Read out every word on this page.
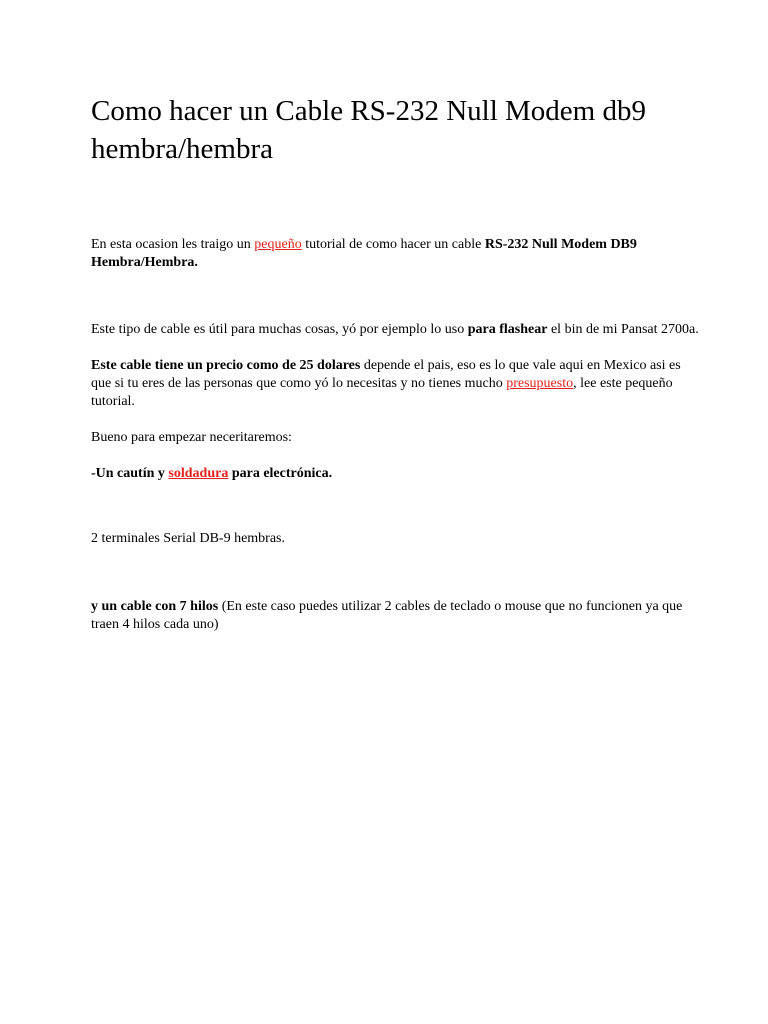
Como hacer un Cable RS-232 Null Modem db9 hembra/hembra

En esta ocasion les traigo un pequeño tutorial de como hacer un cable RS-232 Null Modem DB9 Hembra/Hembra.

Este tipo de cable es útil para muchas cosas, yó por ejemplo lo uso para flashear el bin de mi Pansat 2700a.

Este cable tiene un precio como de 25 dolares depende el pais, eso es lo que vale aqui en Mexico asi es que si tu eres de las personas que como yó lo necesitas y no tienes mucho presupuesto, lee este pequeño tutorial.

Bueno para empezar neceritaremos:

-Un cautín y soldadura para electrónica.

2 terminales Serial DB-9 hembras.

y un cable con 7 hilos (En este caso puedes utilizar 2 cables de teclado o mouse que no funcionen ya que traen 4 hilos cada uno)
